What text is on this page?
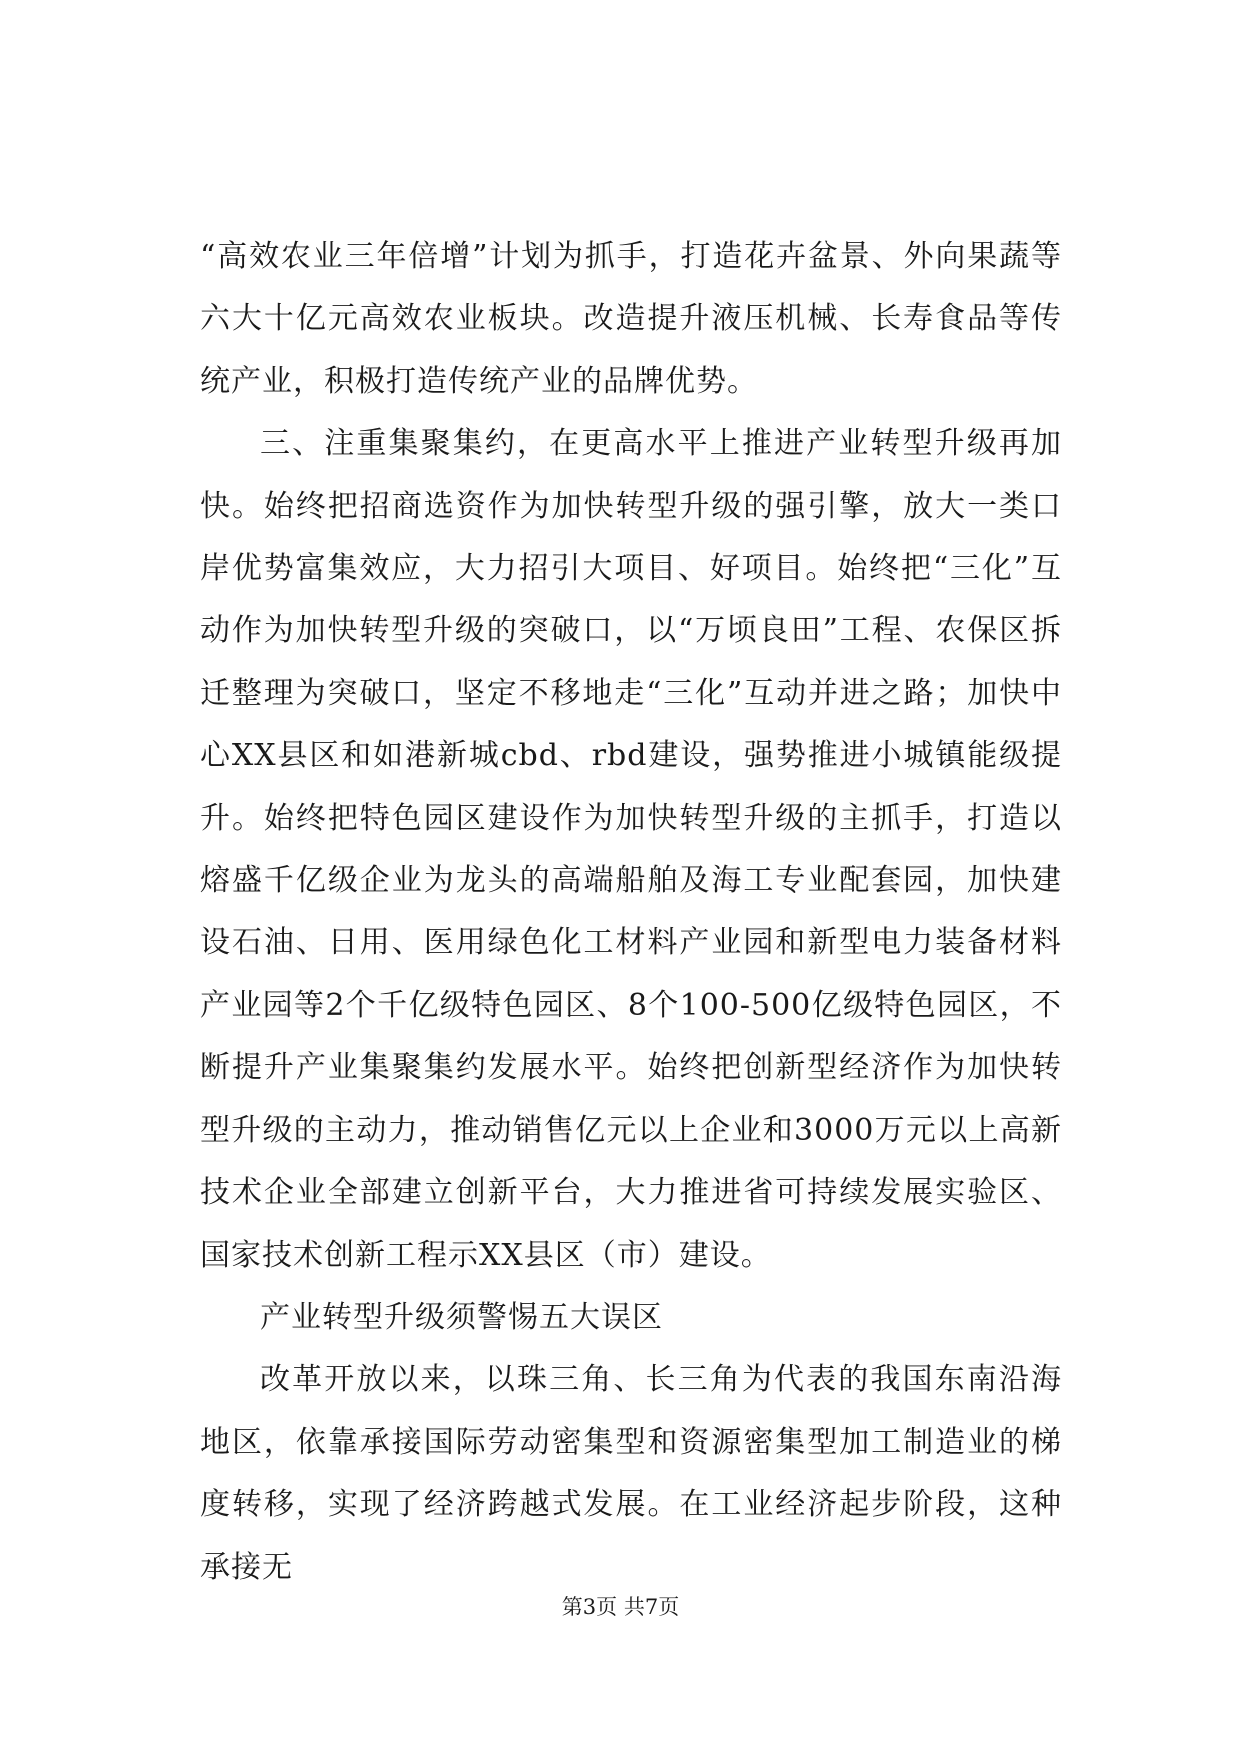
“高效农业三年倍增”计划为抓手，打造花卉盆景、外向果蔬等六大十亿元高效农业板块。改造提升液压机械、长寿食品等传统产业，积极打造传统产业的品牌优势。

三、注重集聚集约，在更高水平上推进产业转型升级再加快。始终把招商选资作为加快转型升级的强引擎，放大一类口岸优势富集效应，大力招引大项目、好项目。始终把“三化”互动作为加快转型升级的突破口，以“万顷良田”工程、农保区拆迁整理为突破口，坚定不移地走“三化”互动并进之路；加快中心XX县区和如港新城cbd、rbd建设，强势推进小城镇能级提升。始终把特色园区建设作为加快转型升级的主抓手，打造以熔盛千亿级企业为龙头的高端船舶及海工专业配套园，加快建设石油、日用、医用绿色化工材料产业园和新型电力装备材料产业园等2个千亿级特色园区、8个100-500亿级特色园区，不断提升产业集聚集约发展水平。始终把创新型经济作为加快转型升级的主动力，推动销售亿元以上企业和3000万元以上高新技术企业全部建立创新平台，大力推进省可持续发展实验区、国家技术创新工程示XX县区（市）建设。

产业转型升级须警惕五大误区

改革开放以来，以珠三角、长三角为代表的我国东南沿海地区，依靠承接国际劳动密集型和资源密集型加工制造业的梯度转移，实现了经济跨越式发展。在工业经济起步阶段，这种承接无

第3页 共7页
